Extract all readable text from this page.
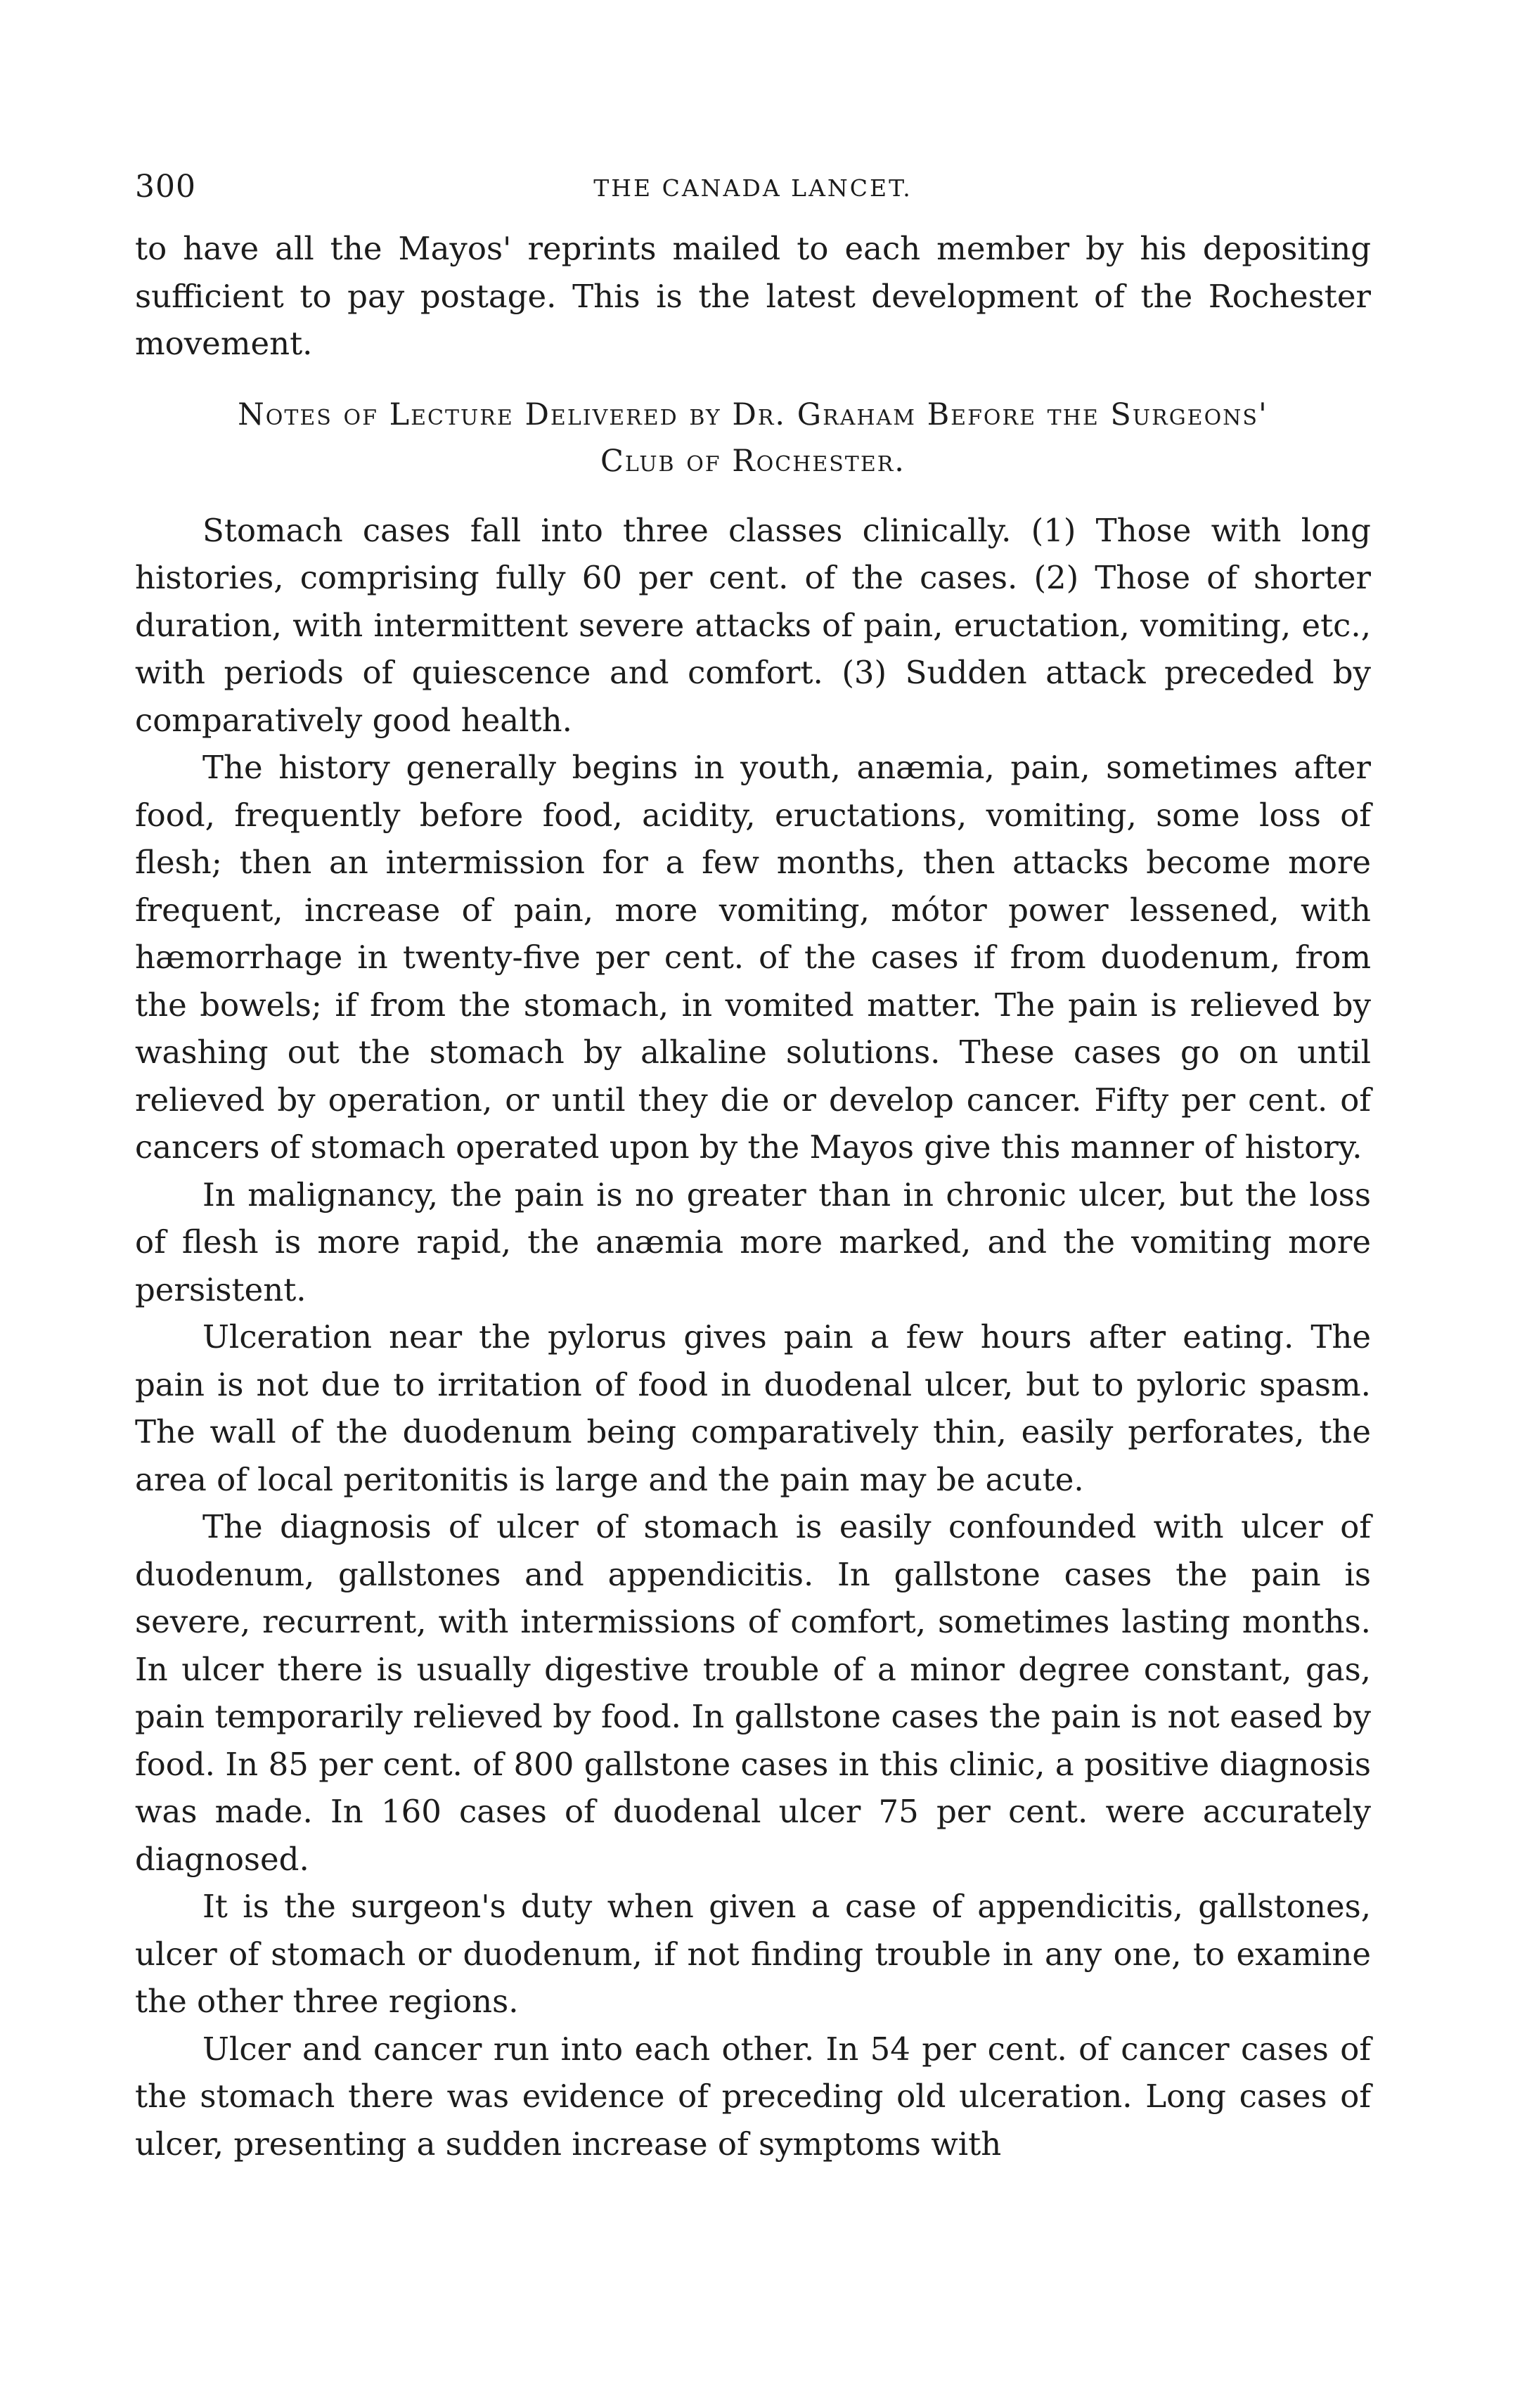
300	THE CANADA LANCET.

to have all the Mayos' reprints mailed to each member by his depositing sufficient to pay postage. This is the latest development of the Rochester movement.

Notes of Lecture Delivered by Dr. Graham Before the Surgeons'
Club of Rochester.

Stomach cases fall into three classes clinically. (1) Those with long histories, comprising fully 60 per cent. of the cases. (2) Those of shorter duration, with intermittent severe attacks of pain, eructation, vomiting, etc., with periods of quiescence and comfort. (3) Sudden attack preceded by comparatively good health.

The history generally begins in youth, anæmia, pain, sometimes after food, frequently before food, acidity, eructations, vomiting, some loss of flesh; then an intermission for a few months, then attacks become more frequent, increase of pain, more vomiting, mótor power lessened, with hæmorrhage in twenty-five per cent. of the cases if from duodenum, from the bowels; if from the stomach, in vomited matter. The pain is relieved by washing out the stomach by alkaline solutions. These cases go on until relieved by operation, or until they die or develop cancer. Fifty per cent. of cancers of stomach operated upon by the Mayos give this manner of history.

In malignancy, the pain is no greater than in chronic ulcer, but the loss of flesh is more rapid, the anæmia more marked, and the vomiting more persistent.

Ulceration near the pylorus gives pain a few hours after eating. The pain is not due to irritation of food in duodenal ulcer, but to pyloric spasm. The wall of the duodenum being comparatively thin, easily perforates, the area of local peritonitis is large and the pain may be acute.

The diagnosis of ulcer of stomach is easily confounded with ulcer of duodenum, gallstones and appendicitis. In gallstone cases the pain is severe, recurrent, with intermissions of comfort, sometimes lasting months. In ulcer there is usually digestive trouble of a minor degree constant, gas, pain temporarily relieved by food. In gallstone cases the pain is not eased by food. In 85 per cent. of 800 gallstone cases in this clinic, a positive diagnosis was made. In 160 cases of duodenal ulcer 75 per cent. were accurately diagnosed.

It is the surgeon's duty when given a case of appendicitis, gallstones, ulcer of stomach or duodenum, if not finding trouble in any one, to examine the other three regions.

Ulcer and cancer run into each other. In 54 per cent. of cancer cases of the stomach there was evidence of preceding old ulceration. Long cases of ulcer, presenting a sudden increase of symptoms with
